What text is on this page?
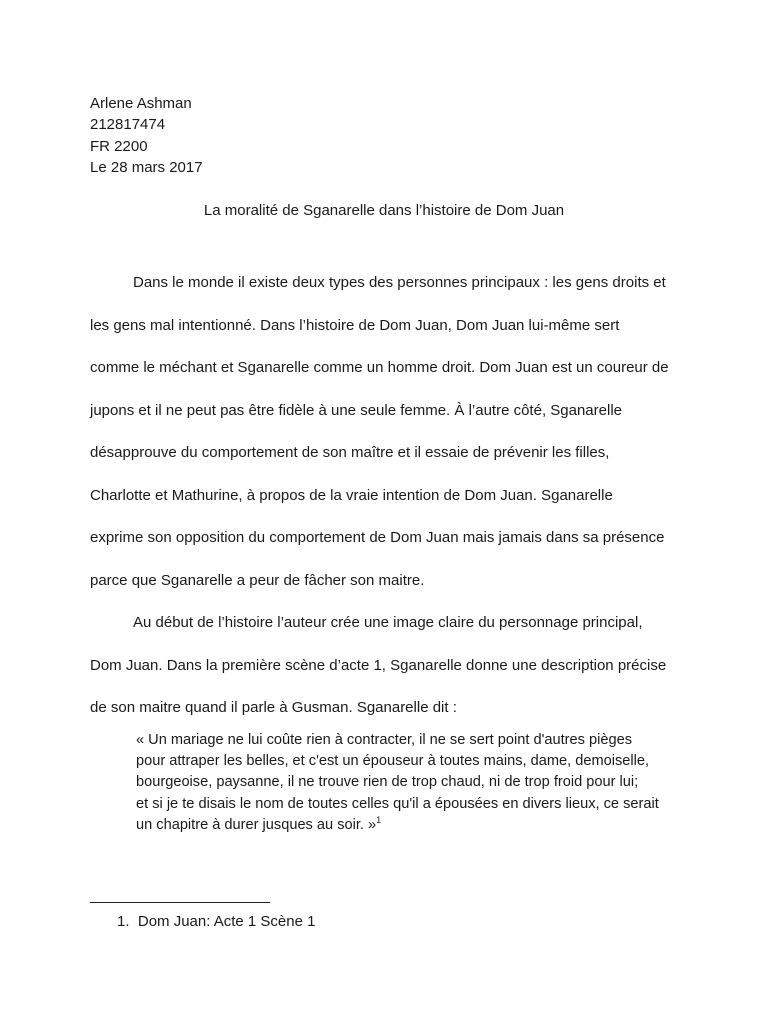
Arlene Ashman
212817474
FR 2200
Le 28 mars 2017
La moralité de Sganarelle dans l’histoire de Dom Juan

Dans le monde il existe deux types des personnes principaux : les gens droits et
les gens mal intentionné. Dans l’histoire de Dom Juan, Dom Juan lui-même sert
comme le méchant et Sganarelle comme un homme droit. Dom Juan est un coureur de
jupons et il ne peut pas être fidèle à une seule femme. À l’autre côté, Sganarelle
désapprouve du comportement de son maître et il essaie de prévenir les filles,
Charlotte et Mathurine, à propos de la vraie intention de Dom Juan. Sganarelle
exprime son opposition du comportement de Dom Juan mais jamais dans sa présence
parce que Sganarelle a peur de fâcher son maitre.

Au début de l’histoire l’auteur crée une image claire du personnage principal,
Dom Juan. Dans la première scène d’acte 1, Sganarelle donne une description précise
de son maitre quand il parle à Gusman. Sganarelle dit :

« Un mariage ne lui coûte rien à contracter, il ne se sert point d'autres pièges
pour attraper les belles, et c'est un épouseur à toutes mains, dame, demoiselle,
bourgeoise, paysanne, il ne trouve rien de trop chaud, ni de trop froid pour lui;
et si je te disais le nom de toutes celles qu'il a épousées en divers lieux, ce serait
un chapitre à durer jusques au soir. »$^1$
1. Dom Juan: Acte 1 Scène 1
